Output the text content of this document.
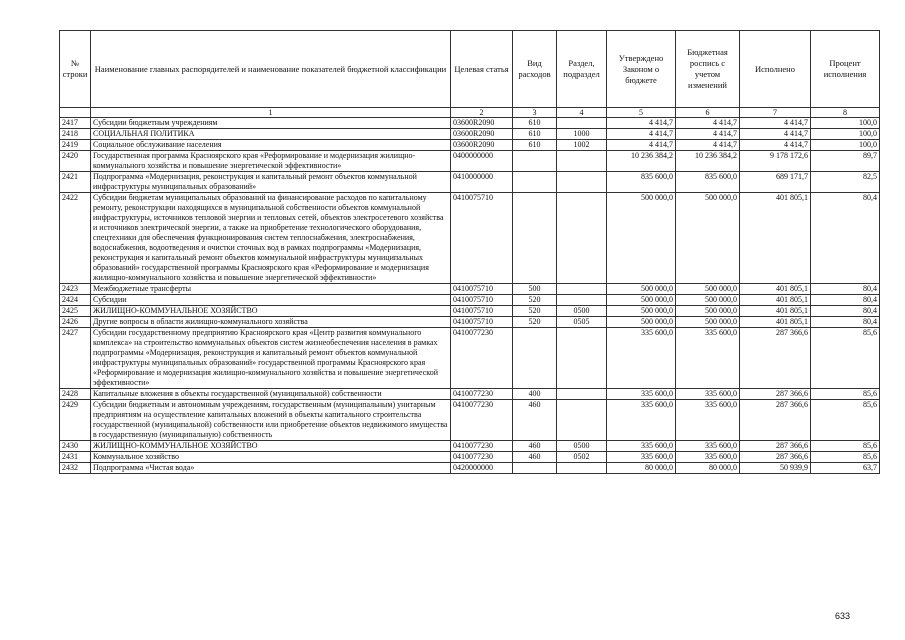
№ строки	Наименование главных распорядителей и наименование показателей бюджетной классификации	Целевая статья	Вид расходов	Раздел, подраздел	Утверждено Законом о бюджете	Бюджетная роспись с учетом изменений	Исполнено	Процент исполнения
	1	2	3	4	5	6	7	8
2417	Субсидии бюджетным учреждениям	03600R2090	610		4 414,7	4 414,7	4 414,7	100,0
2418	СОЦИАЛЬНАЯ ПОЛИТИКА	03600R2090	610	1000	4 414,7	4 414,7	4 414,7	100,0
2419	Социальное обслуживание населения	03600R2090	610	1002	4 414,7	4 414,7	4 414,7	100,0
2420	Государственная программа Красноярского края «Реформирование и модернизация жилищно-коммунального хозяйства и повышение энергетической эффективности»	0400000000			10 236 384,2	10 236 384,2	9 178 172,6	89,7
2421	Подпрограмма «Модернизация, реконструкция и капитальный ремонт объектов коммунальной инфраструктуры муниципальных образований»	0410000000			835 600,0	835 600,0	689 171,7	82,5
2422	Субсидии бюджетам муниципальных образований на финансирование расходов по капитальному ремонту, реконструкции находящихся в муниципальной собственности объектов коммунальной инфраструктуры, источников тепловой энергии и тепловых сетей, объектов электросетевого хозяйства и источников электрической энергии, а также на приобретение технологического оборудования, спецтехники для обеспечения функционирования систем теплоснабжения, электроснабжения, водоснабжения, водоотведения и очистки сточных вод в рамках подпрограммы «Модернизация, реконструкция и капитальный ремонт объектов коммунальной инфраструктуры муниципальных образований» государственной программы Красноярского края «Реформирование и модернизация жилищно-коммунального хозяйства и повышение энергетической эффективности»	0410075710			500 000,0	500 000,0	401 805,1	80,4
2423	Межбюджетные трансферты	0410075710	500		500 000,0	500 000,0	401 805,1	80,4
2424	Субсидии	0410075710	520		500 000,0	500 000,0	401 805,1	80,4
2425	ЖИЛИЩНО-КОММУНАЛЬНОЕ ХОЗЯЙСТВО	0410075710	520	0500	500 000,0	500 000,0	401 805,1	80,4
2426	Другие вопросы в области жилищно-коммунального хозяйства	0410075710	520	0505	500 000,0	500 000,0	401 805,1	80,4
2427	Субсидии государственному предприятию Красноярского края «Центр развития коммунального комплекса» на строительство коммунальных объектов систем жизнеобеспечения населения в рамках подпрограммы «Модернизация, реконструкция и капитальный ремонт объектов коммунальной инфраструктуры муниципальных образований» государственной программы Красноярского края «Реформирование и модернизация жилищно-коммунального хозяйства и повышение энергетической эффективности»	0410077230			335 600,0	335 600,0	287 366,6	85,6
2428	Капитальные вложения в объекты государственной (муниципальной) собственности	0410077230	400		335 600,0	335 600,0	287 366,6	85,6
2429	Субсидии бюджетным и автономным учреждениям, государственным (муниципальным) унитарным предприятиям на осуществление капитальных вложений в объекты капитального строительства государственной (муниципальной) собственности или приобретение объектов недвижимого имущества в государственную (муниципальную) собственность	0410077230	460		335 600,0	335 600,0	287 366,6	85,6
2430	ЖИЛИЩНО-КОММУНАЛЬНОЕ ХОЗЯЙСТВО	0410077230	460	0500	335 600,0	335 600,0	287 366,6	85,6
2431	Коммунальное хозяйство	0410077230	460	0502	335 600,0	335 600,0	287 366,6	85,6
2432	Подпрограмма «Чистая вода»	0420000000			80 000,0	80 000,0	50 939,9	63,7
633
